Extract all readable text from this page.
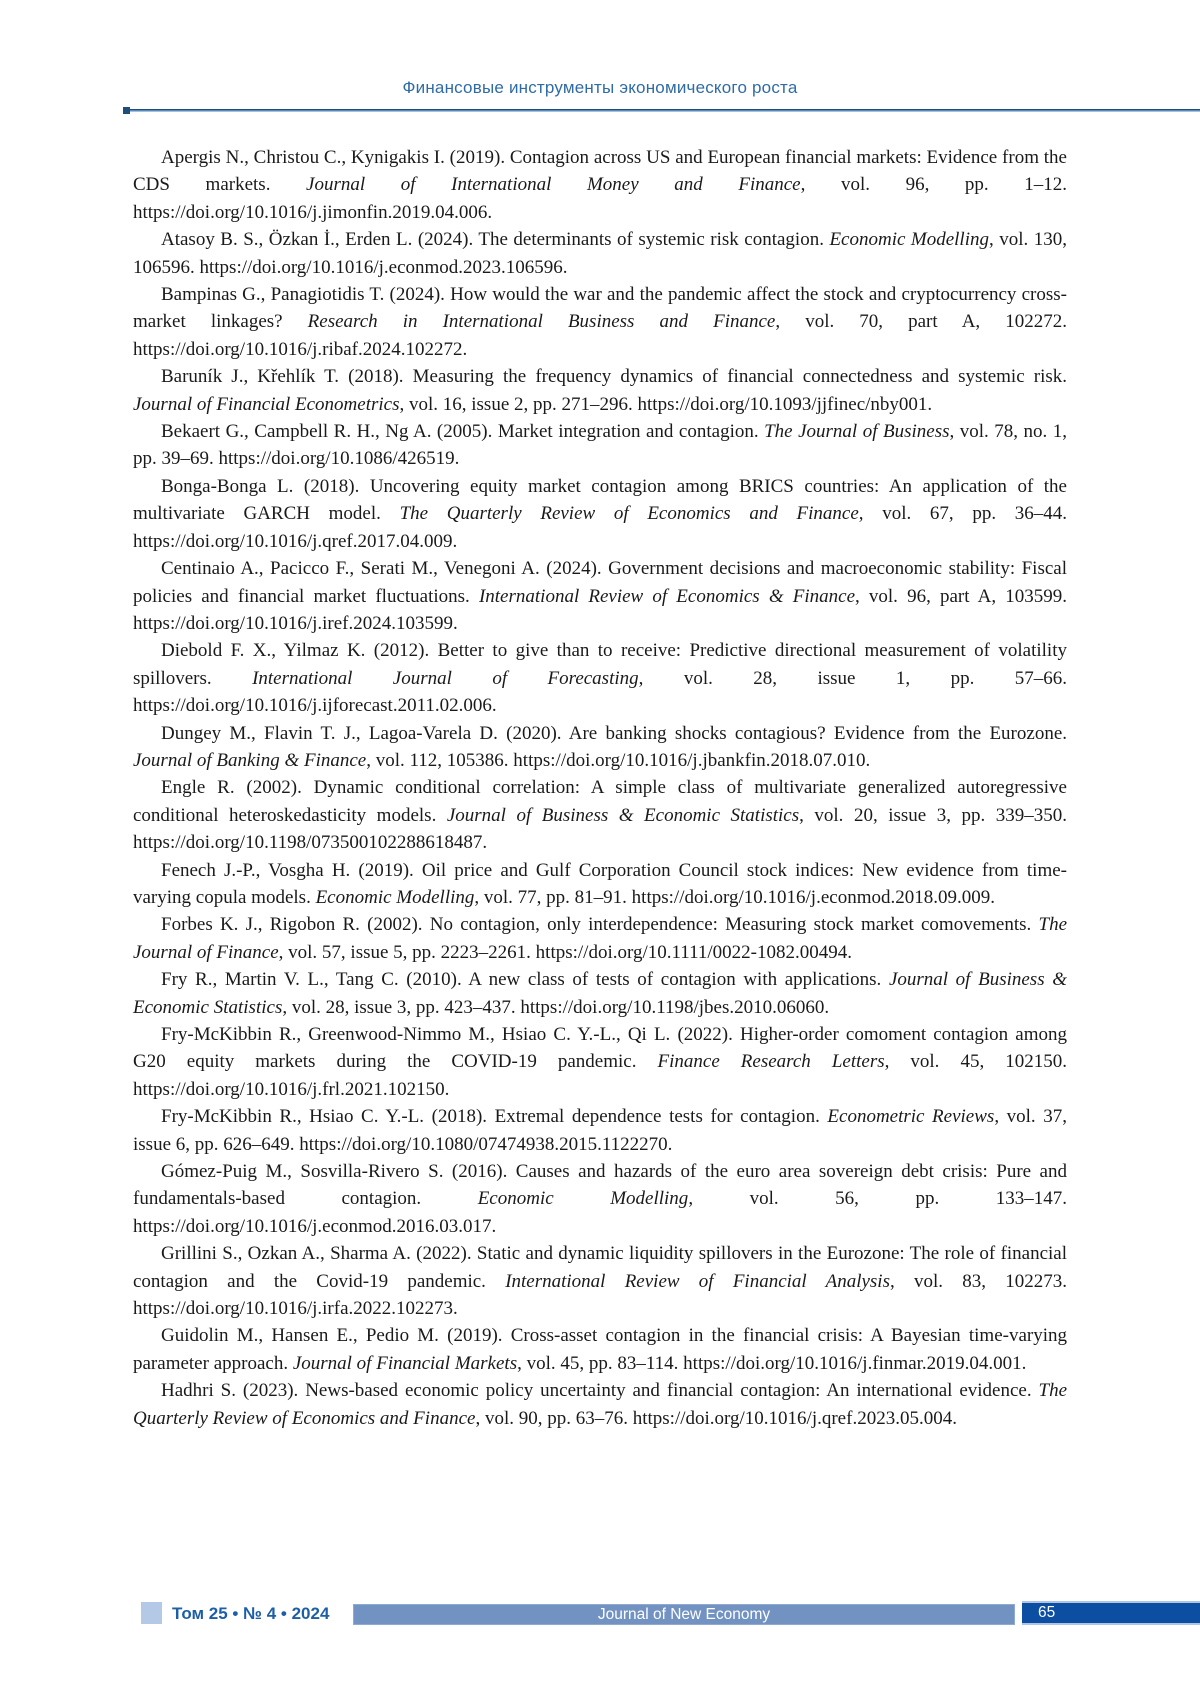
Финансовые инструменты экономического роста

Apergis N., Christou C., Kynigakis I. (2019). Contagion across US and European financial markets: Evidence from the CDS markets. Journal of International Money and Finance, vol. 96, pp. 1–12. https://doi.org/10.1016/j.jimonfin.2019.04.006.

Atasoy B. S., Özkan İ., Erden L. (2024). The determinants of systemic risk contagion. Economic Modelling, vol. 130, 106596. https://doi.org/10.1016/j.econmod.2023.106596.

Bampinas G., Panagiotidis T. (2024). How would the war and the pandemic affect the stock and cryptocurrency cross-market linkages? Research in International Business and Finance, vol. 70, part A, 102272. https://doi.org/10.1016/j.ribaf.2024.102272.

Baruník J., Křehlík T. (2018). Measuring the frequency dynamics of financial connectedness and systemic risk. Journal of Financial Econometrics, vol. 16, issue 2, pp. 271–296. https://doi.org/10.1093/jjfinec/nby001.

Bekaert G., Campbell R. H., Ng A. (2005). Market integration and contagion. The Journal of Business, vol. 78, no. 1, pp. 39–69. https://doi.org/10.1086/426519.

Bonga-Bonga L. (2018). Uncovering equity market contagion among BRICS countries: An application of the multivariate GARCH model. The Quarterly Review of Economics and Finance, vol. 67, pp. 36–44. https://doi.org/10.1016/j.qref.2017.04.009.

Centinaio A., Pacicco F., Serati M., Venegoni A. (2024). Government decisions and macroeconomic stability: Fiscal policies and financial market fluctuations. International Review of Economics & Finance, vol. 96, part A, 103599. https://doi.org/10.1016/j.iref.2024.103599.

Diebold F. X., Yilmaz K. (2012). Better to give than to receive: Predictive directional measurement of volatility spillovers. International Journal of Forecasting, vol. 28, issue 1, pp. 57–66. https://doi.org/10.1016/j.ijforecast.2011.02.006.

Dungey M., Flavin T. J., Lagoa-Varela D. (2020). Are banking shocks contagious? Evidence from the Eurozone. Journal of Banking & Finance, vol. 112, 105386. https://doi.org/10.1016/j.jbankfin.2018.07.010.

Engle R. (2002). Dynamic conditional correlation: A simple class of multivariate generalized autoregressive conditional heteroskedasticity models. Journal of Business & Economic Statistics, vol. 20, issue 3, pp. 339–350. https://doi.org/10.1198/073500102288618487.

Fenech J.-P., Vosgha H. (2019). Oil price and Gulf Corporation Council stock indices: New evidence from time-varying copula models. Economic Modelling, vol. 77, pp. 81–91. https://doi.org/10.1016/j.econmod.2018.09.009.

Forbes K. J., Rigobon R. (2002). No contagion, only interdependence: Measuring stock market comovements. The Journal of Finance, vol. 57, issue 5, pp. 2223–2261. https://doi.org/10.1111/0022-1082.00494.

Fry R., Martin V. L., Tang C. (2010). A new class of tests of contagion with applications. Journal of Business & Economic Statistics, vol. 28, issue 3, pp. 423–437. https://doi.org/10.1198/jbes.2010.06060.

Fry-McKibbin R., Greenwood-Nimmo M., Hsiao C. Y.-L., Qi L. (2022). Higher-order comoment contagion among G20 equity markets during the COVID-19 pandemic. Finance Research Letters, vol. 45, 102150. https://doi.org/10.1016/j.frl.2021.102150.

Fry-McKibbin R., Hsiao C. Y.-L. (2018). Extremal dependence tests for contagion. Econometric Reviews, vol. 37, issue 6, pp. 626–649. https://doi.org/10.1080/07474938.2015.1122270.

Gómez-Puig M., Sosvilla-Rivero S. (2016). Causes and hazards of the euro area sovereign debt crisis: Pure and fundamentals-based contagion. Economic Modelling, vol. 56, pp. 133–147. https://doi.org/10.1016/j.econmod.2016.03.017.

Grillini S., Ozkan A., Sharma A. (2022). Static and dynamic liquidity spillovers in the Eurozone: The role of financial contagion and the Covid-19 pandemic. International Review of Financial Analysis, vol. 83, 102273. https://doi.org/10.1016/j.irfa.2022.102273.

Guidolin M., Hansen E., Pedio M. (2019). Cross-asset contagion in the financial crisis: A Bayesian time-varying parameter approach. Journal of Financial Markets, vol. 45, pp. 83–114. https://doi.org/10.1016/j.finmar.2019.04.001.

Hadhri S. (2023). News-based economic policy uncertainty and financial contagion: An international evidence. The Quarterly Review of Economics and Finance, vol. 90, pp. 63–76. https://doi.org/10.1016/j.qref.2023.05.004.

Том 25 • № 4 • 2024	Journal of New Economy	65
